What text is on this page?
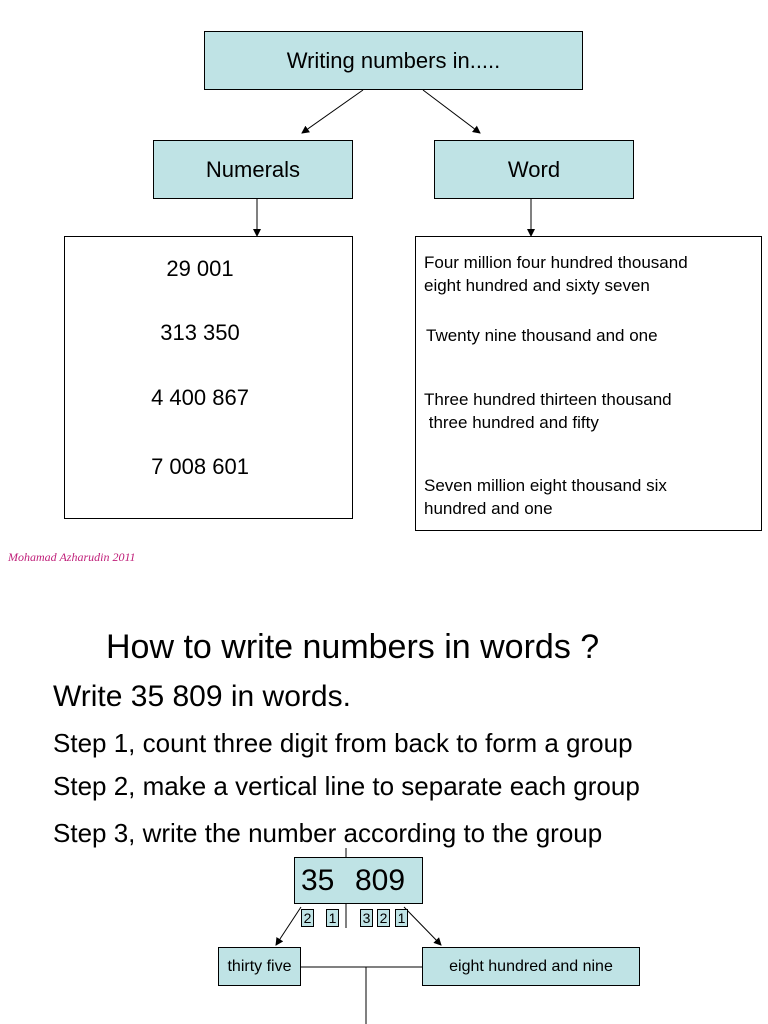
Writing numbers in.....
Numerals	Word
29 001
313 350
4 400 867
7 008 601
Four million four hundred thousand
eight hundred and sixty seven
Twenty nine thousand and one
Three hundred thirteen thousand
three hundred and fifty
Seven million eight thousand six
hundred and one
Mohamad Azharudin 2011
How to write numbers in words ?
Write 35 809 in words.
Step 1, count three digit from back to form a group
Step 2, make a vertical line to separate each group
Step 3, write the number according to the group
35 809
2 1 3 2 1
thirty five	eight hundred and nine
